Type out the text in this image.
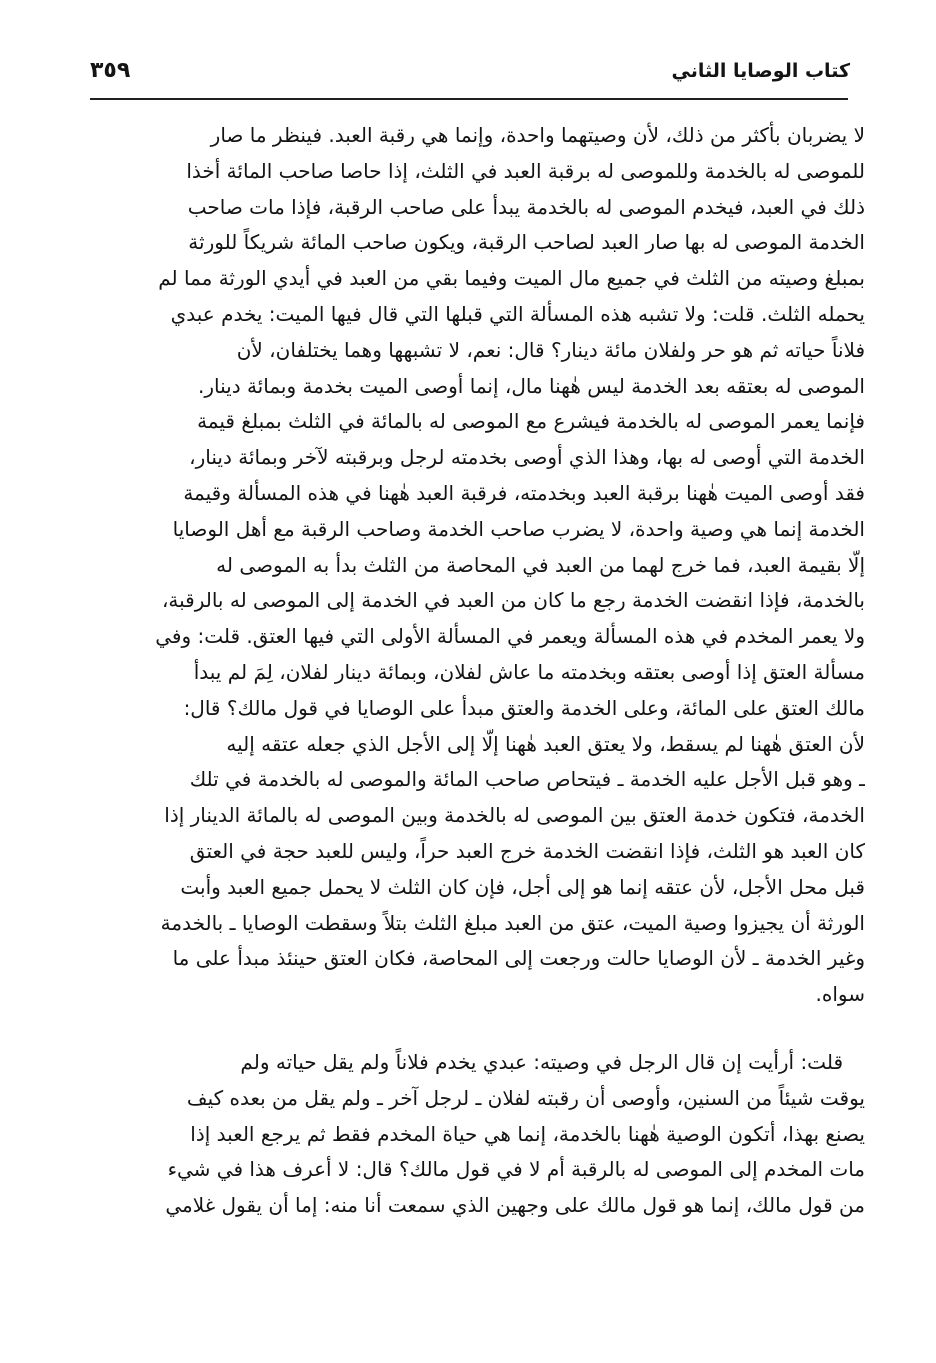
كتاب الوصايا الثاني
٣٥٩
لا يضربان بأكثر من ذلك، لأن وصيتهما واحدة، وإنما هي رقبة العبد. فينظر ما صار
للموصى له بالخدمة وللموصى له برقبة العبد في الثلث، إذا حاصا صاحب المائة أخذا
ذلك في العبد، فيخدم الموصى له بالخدمة يبدأ على صاحب الرقبة، فإذا مات صاحب
الخدمة الموصى له بها صار العبد لصاحب الرقبة، ويكون صاحب المائة شريكاً للورثة
بمبلغ وصيته من الثلث في جميع مال الميت وفيما بقي من العبد في أيدي الورثة مما لم
يحمله الثلث. قلت: ولا تشبه هذه المسألة التي قبلها التي قال فيها الميت: يخدم عبدي
فلاناً حياته ثم هو حر ولفلان مائة دينار؟ قال: نعم، لا تشبهها وهما يختلفان، لأن
الموصى له بعتقه بعد الخدمة ليس هٰهنا مال، إنما أوصى الميت بخدمة وبمائة دينار.
فإنما يعمر الموصى له بالخدمة فيشرع مع الموصى له بالمائة في الثلث بمبلغ قيمة
الخدمة التي أوصى له بها، وهذا الذي أوصى بخدمته لرجل وبرقبته لآخر وبمائة دينار،
فقد أوصى الميت هٰهنا برقبة العبد وبخدمته، فرقبة العبد هٰهنا في هذه المسألة وقيمة
الخدمة إنما هي وصية واحدة، لا يضرب صاحب الخدمة وصاحب الرقبة مع أهل الوصايا
إلّا بقيمة العبد، فما خرج لهما من العبد في المحاصة من الثلث بدأ به الموصى له
بالخدمة، فإذا انقضت الخدمة رجع ما كان من العبد في الخدمة إلى الموصى له بالرقبة،
ولا يعمر المخدم في هذه المسألة ويعمر في المسألة الأولى التي فيها العتق. قلت: وفي
مسألة العتق إذا أوصى بعتقه وبخدمته ما عاش لفلان، وبمائة دينار لفلان، لِمَ لم يبدأ
مالك العتق على المائة، وعلى الخدمة والعتق مبدأ على الوصايا في قول مالك؟ قال:
لأن العتق هٰهنا لم يسقط، ولا يعتق العبد هٰهنا إلّا إلى الأجل الذي جعله عتقه إليه
ـ وهو قبل الأجل عليه الخدمة ـ فيتحاص صاحب المائة والموصى له بالخدمة في تلك
الخدمة، فتكون خدمة العتق بين الموصى له بالخدمة وبين الموصى له بالمائة الدينار إذا
كان العبد هو الثلث، فإذا انقضت الخدمة خرج العبد حراً، وليس للعبد حجة في العتق
قبل محل الأجل، لأن عتقه إنما هو إلى أجل، فإن كان الثلث لا يحمل جميع العبد وأبت
الورثة أن يجيزوا وصية الميت، عتق من العبد مبلغ الثلث بتلاً وسقطت الوصايا ـ بالخدمة
وغير الخدمة ـ لأن الوصايا حالت ورجعت إلى المحاصة، فكان العتق حينئذ مبدأ على ما
سواه.
قلت: أرأيت إن قال الرجل في وصيته: عبدي يخدم فلاناً ولم يقل حياته ولم
يوقت شيئاً من السنين، وأوصى أن رقبته لفلان ـ لرجل آخر ـ ولم يقل من بعده كيف
يصنع بهذا، أتكون الوصية هٰهنا بالخدمة، إنما هي حياة المخدم فقط ثم يرجع العبد إذا
مات المخدم إلى الموصى له بالرقبة أم لا في قول مالك؟ قال: لا أعرف هذا في شيء
من قول مالك، إنما هو قول مالك على وجهين الذي سمعت أنا منه: إما أن يقول غلامي
